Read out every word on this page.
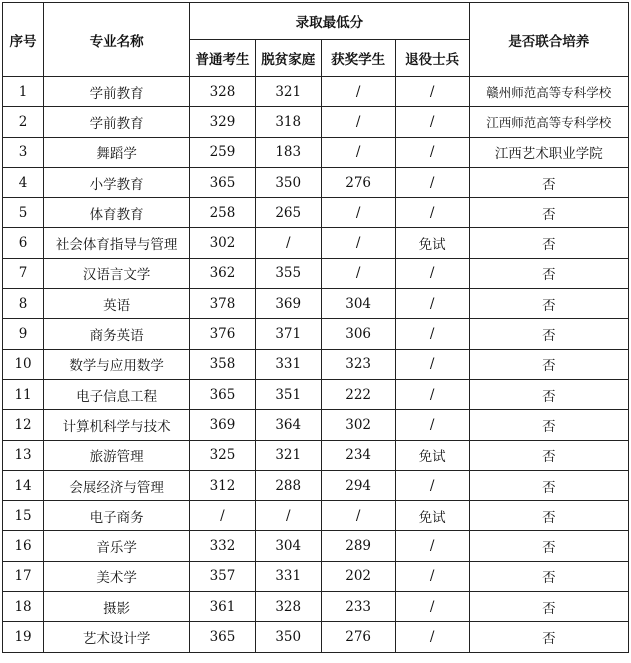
序号	专业名称	录取最低分				是否联合培养
		普通考生	脱贫家庭	获奖学生	退役士兵	
1	学前教育	328	321	/	/	赣州师范高等专科学校
2	学前教育	329	318	/	/	江西师范高等专科学校
3	舞蹈学	259	183	/	/	江西艺术职业学院
4	小学教育	365	350	276	/	否
5	体育教育	258	265	/	/	否
6	社会体育指导与管理	302	/	/	免试	否
7	汉语言文学	362	355	/	/	否
8	英语	378	369	304	/	否
9	商务英语	376	371	306	/	否
10	数学与应用数学	358	331	323	/	否
11	电子信息工程	365	351	222	/	否
12	计算机科学与技术	369	364	302	/	否
13	旅游管理	325	321	234	免试	否
14	会展经济与管理	312	288	294	/	否
15	电子商务	/	/	/	免试	否
16	音乐学	332	304	289	/	否
17	美术学	357	331	202	/	否
18	摄影	361	328	233	/	否
19	艺术设计学	365	350	276	/	否
